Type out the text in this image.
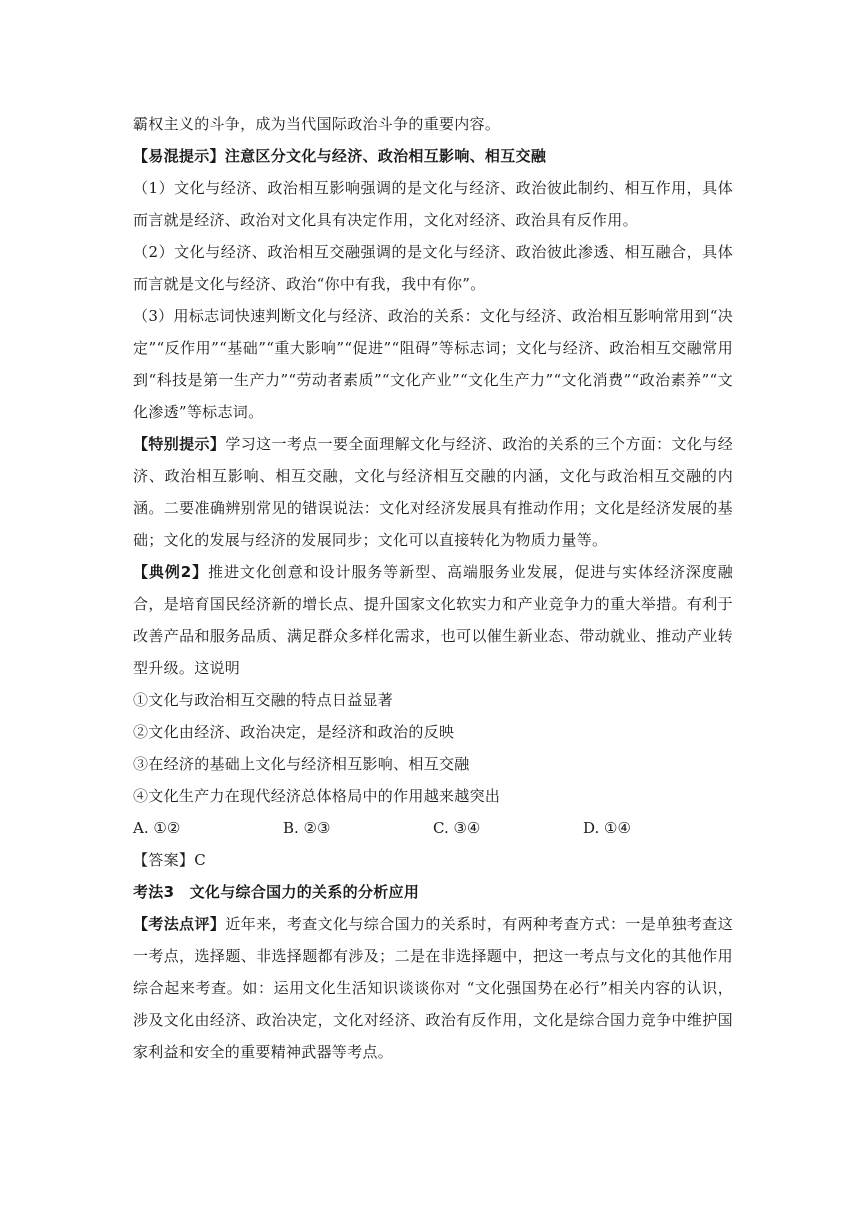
霸权主义的斗争，成为当代国际政治斗争的重要内容。

【易混提示】注意区分文化与经济、政治相互影响、相互交融

（1）文化与经济、政治相互影响强调的是文化与经济、政治彼此制约、相互作用，具体而言就是经济、政治对文化具有决定作用，文化对经济、政治具有反作用。

（2）文化与经济、政治相互交融强调的是文化与经济、政治彼此渗透、相互融合，具体而言就是文化与经济、政治“你中有我，我中有你”。

（3）用标志词快速判断文化与经济、政治的关系：文化与经济、政治相互影响常用到“决定”“反作用”“基础”“重大影响”“促进”“阻碍”等标志词；文化与经济、政治相互交融常用到“科技是第一生产力”“劳动者素质”“文化产业”“文化生产力”“文化消费”“政治素养”“文化渗透”等标志词。

【特别提示】学习这一考点一要全面理解文化与经济、政治的关系的三个方面：文化与经济、政治相互影响、相互交融，文化与经济相互交融的内涵，文化与政治相互交融的内涵。二要准确辨别常见的错误说法：文化对经济发展具有推动作用；文化是经济发展的基础；文化的发展与经济的发展同步；文化可以直接转化为物质力量等。

【典例2】推进文化创意和设计服务等新型、高端服务业发展，促进与实体经济深度融合，是培育国民经济新的增长点、提升国家文化软实力和产业竞争力的重大举措。有利于改善产品和服务品质、满足群众多样化需求，也可以催生新业态、带动就业、推动产业转型升级。这说明

①文化与政治相互交融的特点日益显著

②文化由经济、政治决定，是经济和政治的反映

③在经济的基础上文化与经济相互影响、相互交融

④文化生产力在现代经济总体格局中的作用越来越突出

A. ①②	B. ②③	C. ③④	D. ①④

【答案】C

考法3　文化与综合国力的关系的分析应用

【考法点评】近年来，考查文化与综合国力的关系时，有两种考查方式：一是单独考查这一考点，选择题、非选择题都有涉及；二是在非选择题中，把这一考点与文化的其他作用综合起来考查。如：运用文化生活知识谈谈你对 “文化强国势在必行”相关内容的认识，涉及文化由经济、政治决定，文化对经济、政治有反作用，文化是综合国力竞争中维护国家利益和安全的重要精神武器等考点。
